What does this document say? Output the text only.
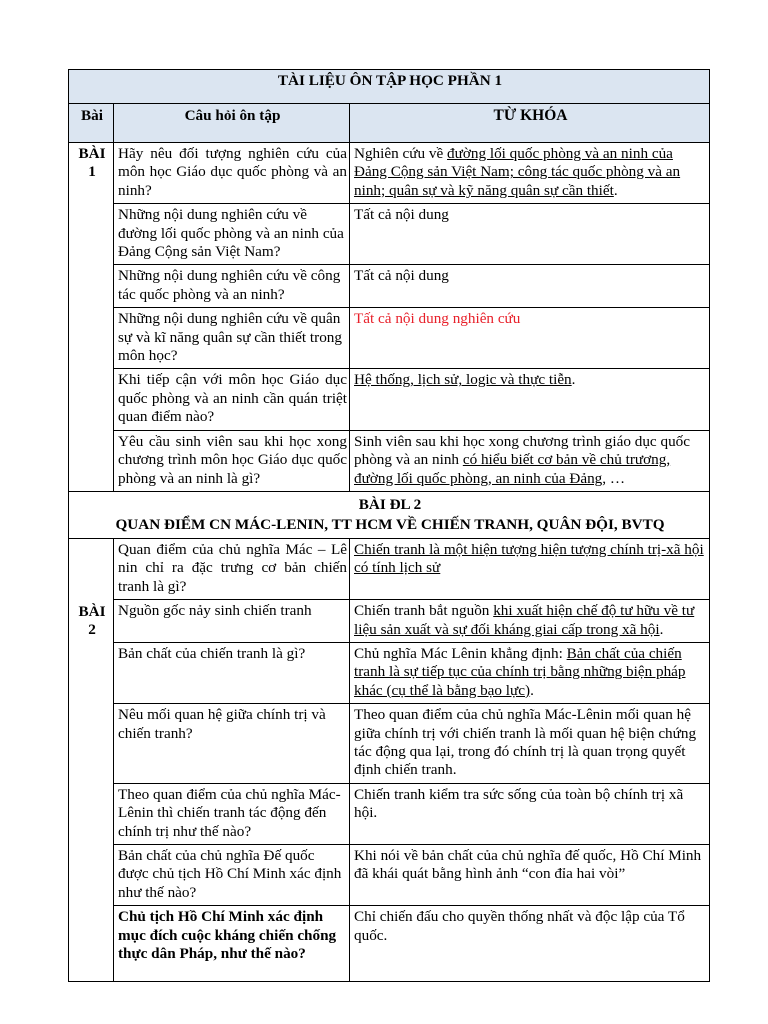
TÀI LIỆU ÔN TẬP HỌC PHẦN 1		
Bài	Câu hỏi ôn tập	TỪ KHÓA
BÀI 1	Hãy nêu đối tượng nghiên cứu của môn học Giáo dục quốc phòng và an ninh?	Nghiên cứu về đường lối quốc phòng và an ninh của Đảng Cộng sản Việt Nam; công tác quốc phòng và an ninh; quân sự và kỹ năng quân sự cần thiết.
	Những nội dung nghiên cứu về đường lối quốc phòng và an ninh của Đảng Cộng sản Việt Nam?	Tất cả nội dung
	Những nội dung nghiên cứu về công tác quốc phòng và an ninh?	Tất cả nội dung
	Những nội dung nghiên cứu về quân sự và kĩ năng quân sự cần thiết trong môn học?	Tất cả nội dung nghiên cứu
	Khi tiếp cận với môn học Giáo dục quốc phòng và an ninh cần quán triệt quan điểm nào?	Hệ thống, lịch sử, logic và thực tiễn.
	Yêu cầu sinh viên sau khi học xong chương trình môn học Giáo dục quốc phòng và an ninh là gì?	Sinh viên sau khi học xong chương trình giáo dục quốc phòng và an ninh có hiểu biết cơ bản về chủ trương, đường lối quốc phòng, an ninh của Đảng, …

BÀI ĐL 2
QUAN ĐIỂM CN MÁC-LENIN, TT HCM VỀ CHIẾN TRANH, QUÂN ĐỘI, BVTQ		

BÀI 2	Quan điểm của chủ nghĩa Mác – Lê nin chỉ ra đặc trưng cơ bản chiến tranh là gì?	Chiến tranh là một hiện tượng hiện tượng chính trị-xã hội có tính lịch sử
	Nguồn gốc nảy sinh chiến tranh	Chiến tranh bắt nguồn khi xuất hiện chế độ tư hữu về tư liệu sản xuất và sự đối kháng giai cấp trong xã hội.
	Bản chất của chiến tranh là gì?	Chủ nghĩa Mác Lênin khẳng định: Bản chất của chiến tranh là sự tiếp tục của chính trị bằng những biện pháp khác (cụ thể là bằng bạo lực).
	Nêu mối quan hệ giữa chính trị và chiến tranh?	Theo quan điểm của chủ nghĩa Mác-Lênin mối quan hệ giữa chính trị với chiến tranh là mối quan hệ biện chứng tác động qua lại, trong đó chính trị là quan trọng quyết định chiến tranh.
	Theo quan điểm của chủ nghĩa Mác-Lênin thì chiến tranh tác động đến chính trị như thế nào?	Chiến tranh kiểm tra sức sống của toàn bộ chính trị xã hội.
	Bản chất của chủ nghĩa Đế quốc được chủ tịch Hồ Chí Minh xác định như thế nào?	Khi nói về bản chất của chủ nghĩa đế quốc, Hồ Chí Minh đã khái quát bằng hình ảnh “con đỉa hai vòi”
	Chủ tịch Hồ Chí Minh xác định mục đích cuộc kháng chiến chống thực dân Pháp, như thế nào?	Chỉ chiến đấu cho quyền thống nhất và độc lập của Tổ quốc.
